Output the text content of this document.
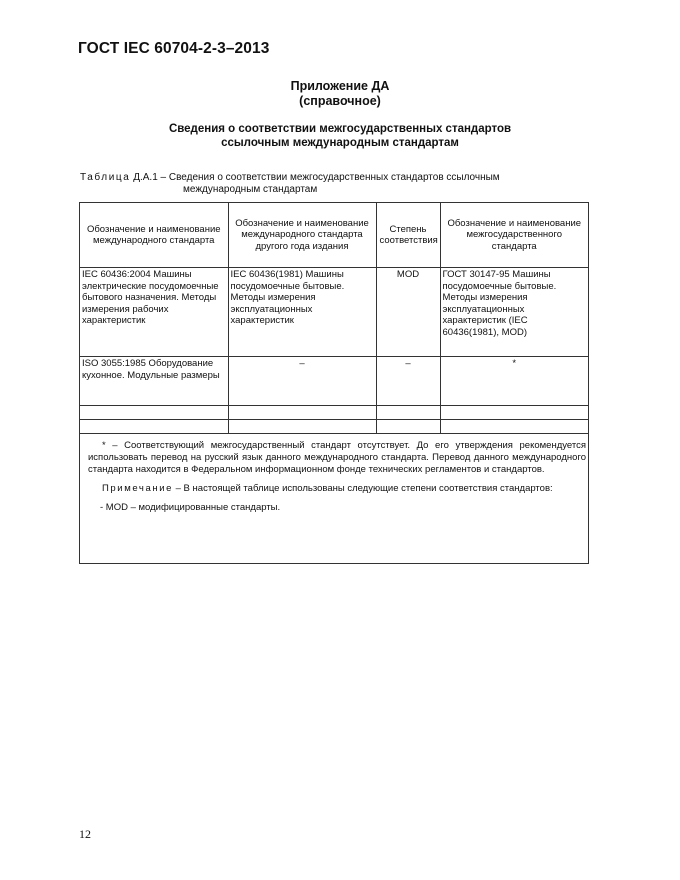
ГОСТ IEC 60704-2-3–2013
Приложение ДА
(справочное)
Сведения о соответствии межгосударственных стандартов
ссылочным международным стандартам
Таблица Д.А.1 – Сведения о соответствии межгосударственных стандартов ссылочным
международным стандартам
Обозначение и наименование международного стандарта	Обозначение и наименование международного стандарта другого года издания	Степень соответствия	Обозначение и наименование межгосударственного стандарта
IEC 60436:2004 Машины электрические посудомоечные бытового назначения. Методы измерения рабочих характеристик	IEC 60436(1981) Машины посудомоечные бытовые. Методы измерения эксплуатационных характеристик	MOD	ГОСТ 30147-95 Машины посудомоечные бытовые. Методы измерения эксплуатационных характеристик (IEC 60436(1981), MOD)
ISO 3055:1985 Оборудование кухонное. Модульные размеры	–	–	*

* – Соответствующий межгосударственный стандарт отсутствует. До его утверждения рекомендуется использовать перевод на русский язык данного международного стандарта. Перевод данного международного стандарта находится в Федеральном информационном фонде технических регламентов и стандартов.

Примечание – В настоящей таблице использованы следующие степени соответствия стандартов:

- MOD – модифицированные стандарты.

12
